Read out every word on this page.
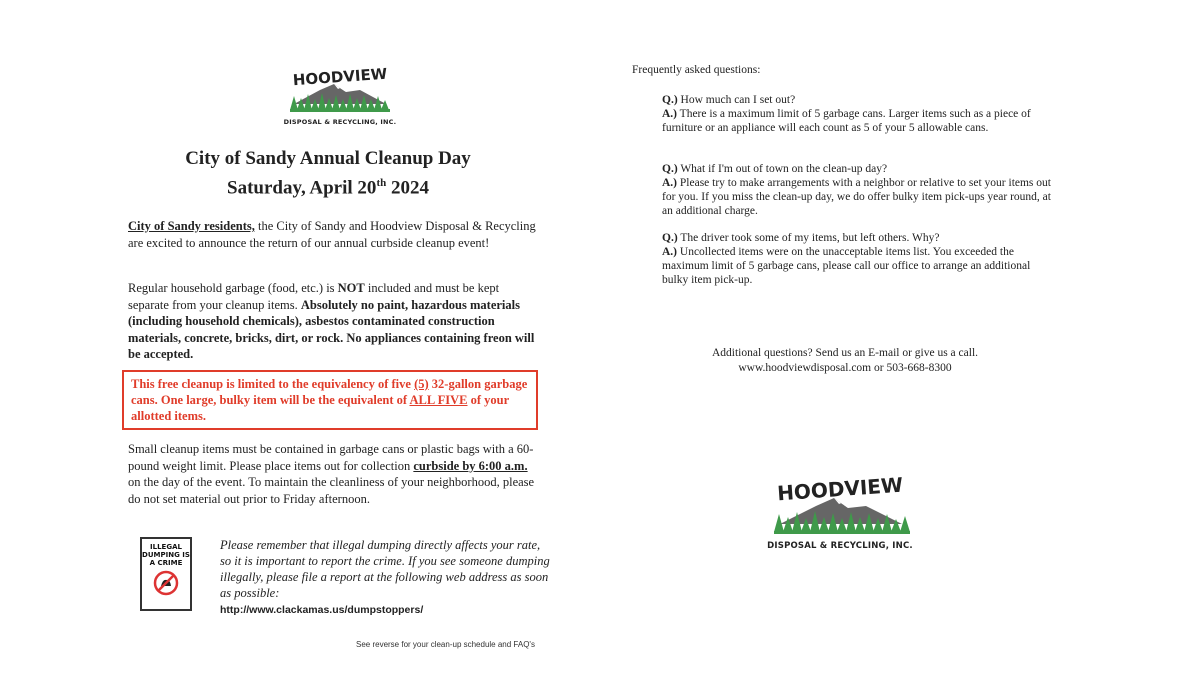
HOODVIEW
DISPOSAL & RECYCLING, INC.
City of Sandy Annual Cleanup Day
Saturday, April 20th 2024
City of Sandy residents, the City of Sandy and Hoodview Disposal & Recycling are excited to announce the return of our annual curbside cleanup event!
Regular household garbage (food, etc.) is NOT included and must be kept separate from your cleanup items. Absolutely no paint, hazardous materials (including household chemicals), asbestos contaminated construction materials, concrete, bricks, dirt, or rock. No appliances containing freon will be accepted.
This free cleanup is limited to the equivalency of five (5) 32-gallon garbage cans. One large, bulky item will be the equivalent of ALL FIVE of your allotted items.
Small cleanup items must be contained in garbage cans or plastic bags with a 60-pound weight limit. Please place items out for collection curbside by 6:00 a.m. on the day of the event. To maintain the cleanliness of your neighborhood, please do not set material out prior to Friday afternoon.
ILLEGAL DUMPING IS A CRIME
Please remember that illegal dumping directly affects your rate, so it is important to report the crime. If you see someone dumping illegally, please file a report at the following web address as soon as possible:
http://www.clackamas.us/dumpstoppers/
See reverse for your clean-up schedule and FAQ's
Frequently asked questions:
Q.) How much can I set out?
A.) There is a maximum limit of 5 garbage cans. Larger items such as a piece of furniture or an appliance will each count as 5 of your 5 allowable cans.
Q.) What if I'm out of town on the clean-up day?
A.) Please try to make arrangements with a neighbor or relative to set your items out for you. If you miss the clean-up day, we do offer bulky item pick-ups year round, at an additional charge.
Q.) The driver took some of my items, but left others. Why?
A.) Uncollected items were on the unacceptable items list. You exceeded the maximum limit of 5 garbage cans, please call our office to arrange an additional bulky item pick-up.
Additional questions? Send us an E-mail or give us a call.
www.hoodviewdisposal.com or 503-668-8300
HOODVIEW
DISPOSAL & RECYCLING, INC.
